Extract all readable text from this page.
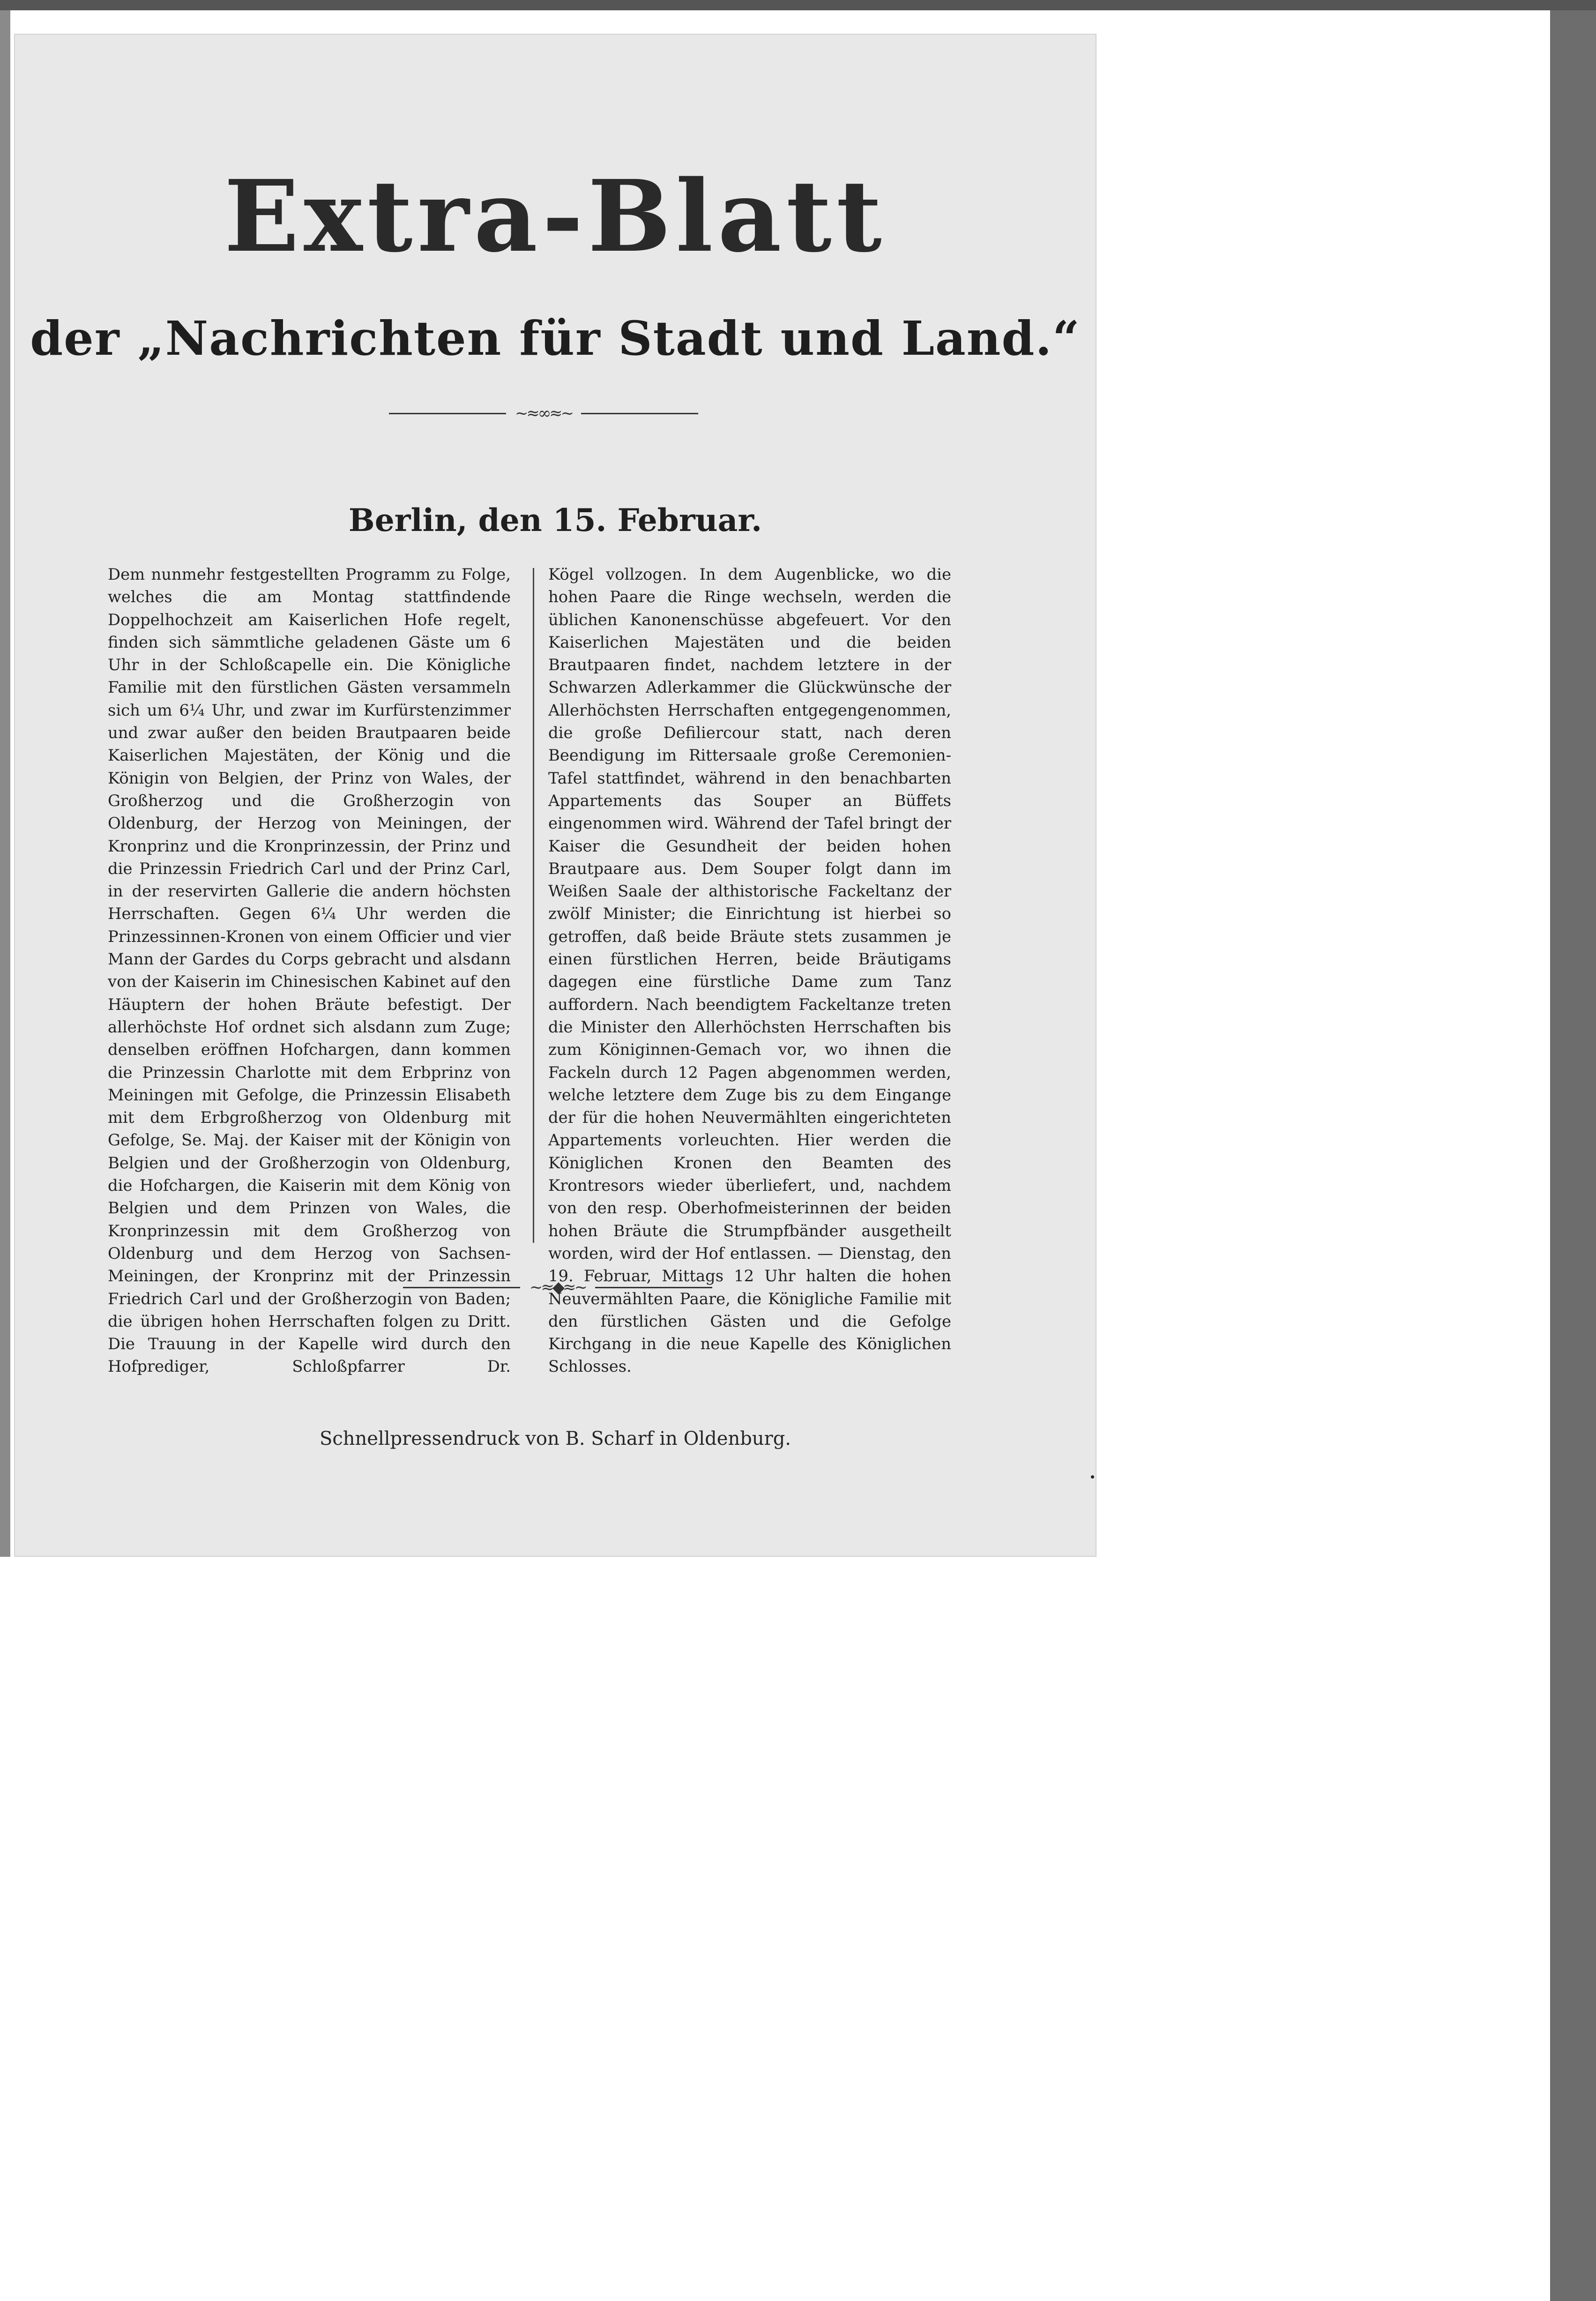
Extra-Blatt
der „Nachrichten für Stadt und Land.“
~≈∞≈~
Berlin, den 15. Februar.

Dem nunmehr festgestellten Programm zu Folge, welches die am Montag stattfindende Doppelhochzeit am Kaiserlichen Hofe regelt, finden sich sämmtliche geladenen Gäste um 6 Uhr in der Schloßcapelle ein. Die Königliche Familie mit den fürstlichen Gästen versammeln sich um 6¼ Uhr, und zwar im Kurfürstenzimmer und zwar außer den beiden Brautpaaren beide Kaiserlichen Majestäten, der König und die Königin von Belgien, der Prinz von Wales, der Großherzog und die Großherzogin von Oldenburg, der Herzog von Meiningen, der Kronprinz und die Kronprinzessin, der Prinz und die Prinzessin Friedrich Carl und der Prinz Carl, in der reservirten Gallerie die andern höchsten Herrschaften. Gegen 6¼ Uhr werden die Prinzessinnen-Kronen von einem Officier und vier Mann der Gardes du Corps gebracht und alsdann von der Kaiserin im Chinesischen Kabinet auf den Häuptern der hohen Bräute befestigt. Der allerhöchste Hof ordnet sich alsdann zum Zuge; denselben eröffnen Hofchargen, dann kommen die Prinzessin Charlotte mit dem Erbprinz von Meiningen mit Gefolge, die Prinzessin Elisabeth mit dem Erbgroßherzog von Oldenburg mit Gefolge, Se. Maj. der Kaiser mit der Königin von Belgien und der Großherzogin von Oldenburg, die Hofchargen, die Kaiserin mit dem König von Belgien und dem Prinzen von Wales, die Kronprinzessin mit dem Großherzog von Oldenburg und dem Herzog von Sachsen-Meiningen, der Kronprinz mit der Prinzessin Friedrich Carl und der Großherzogin von Baden; die übrigen hohen Herrschaften folgen zu Dritt. Die Trauung in der Kapelle wird durch den Hofprediger, Schloßpfarrer Dr.

Kögel vollzogen. In dem Augenblicke, wo die hohen Paare die Ringe wechseln, werden die üblichen Kanonenschüsse abgefeuert. Vor den Kaiserlichen Majestäten und die beiden Brautpaaren findet, nachdem letztere in der Schwarzen Adlerkammer die Glückwünsche der Allerhöchsten Herrschaften entgegengenommen, die große Defiliercour statt, nach deren Beendigung im Rittersaale große Ceremonien-Tafel stattfindet, während in den benachbarten Appartements das Souper an Büffets eingenommen wird. Während der Tafel bringt der Kaiser die Gesundheit der beiden hohen Brautpaare aus. Dem Souper folgt dann im Weißen Saale der althistorische Fackeltanz der zwölf Minister; die Einrichtung ist hierbei so getroffen, daß beide Bräute stets zusammen je einen fürstlichen Herren, beide Bräutigams dagegen eine fürstliche Dame zum Tanz auffordern. Nach beendigtem Fackeltanze treten die Minister den Allerhöchsten Herrschaften bis zum Königinnen-Gemach vor, wo ihnen die Fackeln durch 12 Pagen abgenommen werden, welche letztere dem Zuge bis zu dem Eingange der für die hohen Neuvermählten eingerichteten Appartements vorleuchten. Hier werden die Königlichen Kronen den Beamten des Krontresors wieder überliefert, und, nachdem von den resp. Oberhofmeisterinnen der beiden hohen Bräute die Strumpfbänder ausgetheilt worden, wird der Hof entlassen. — Dienstag, den 19. Februar, Mittags 12 Uhr halten die hohen Neuvermählten Paare, die Königliche Familie mit den fürstlichen Gästen und die Gefolge Kirchgang in die neue Kapelle des Königlichen Schlosses.

~≈◆≈~

Schnellpressendruck von B. Scharf in Oldenburg.
